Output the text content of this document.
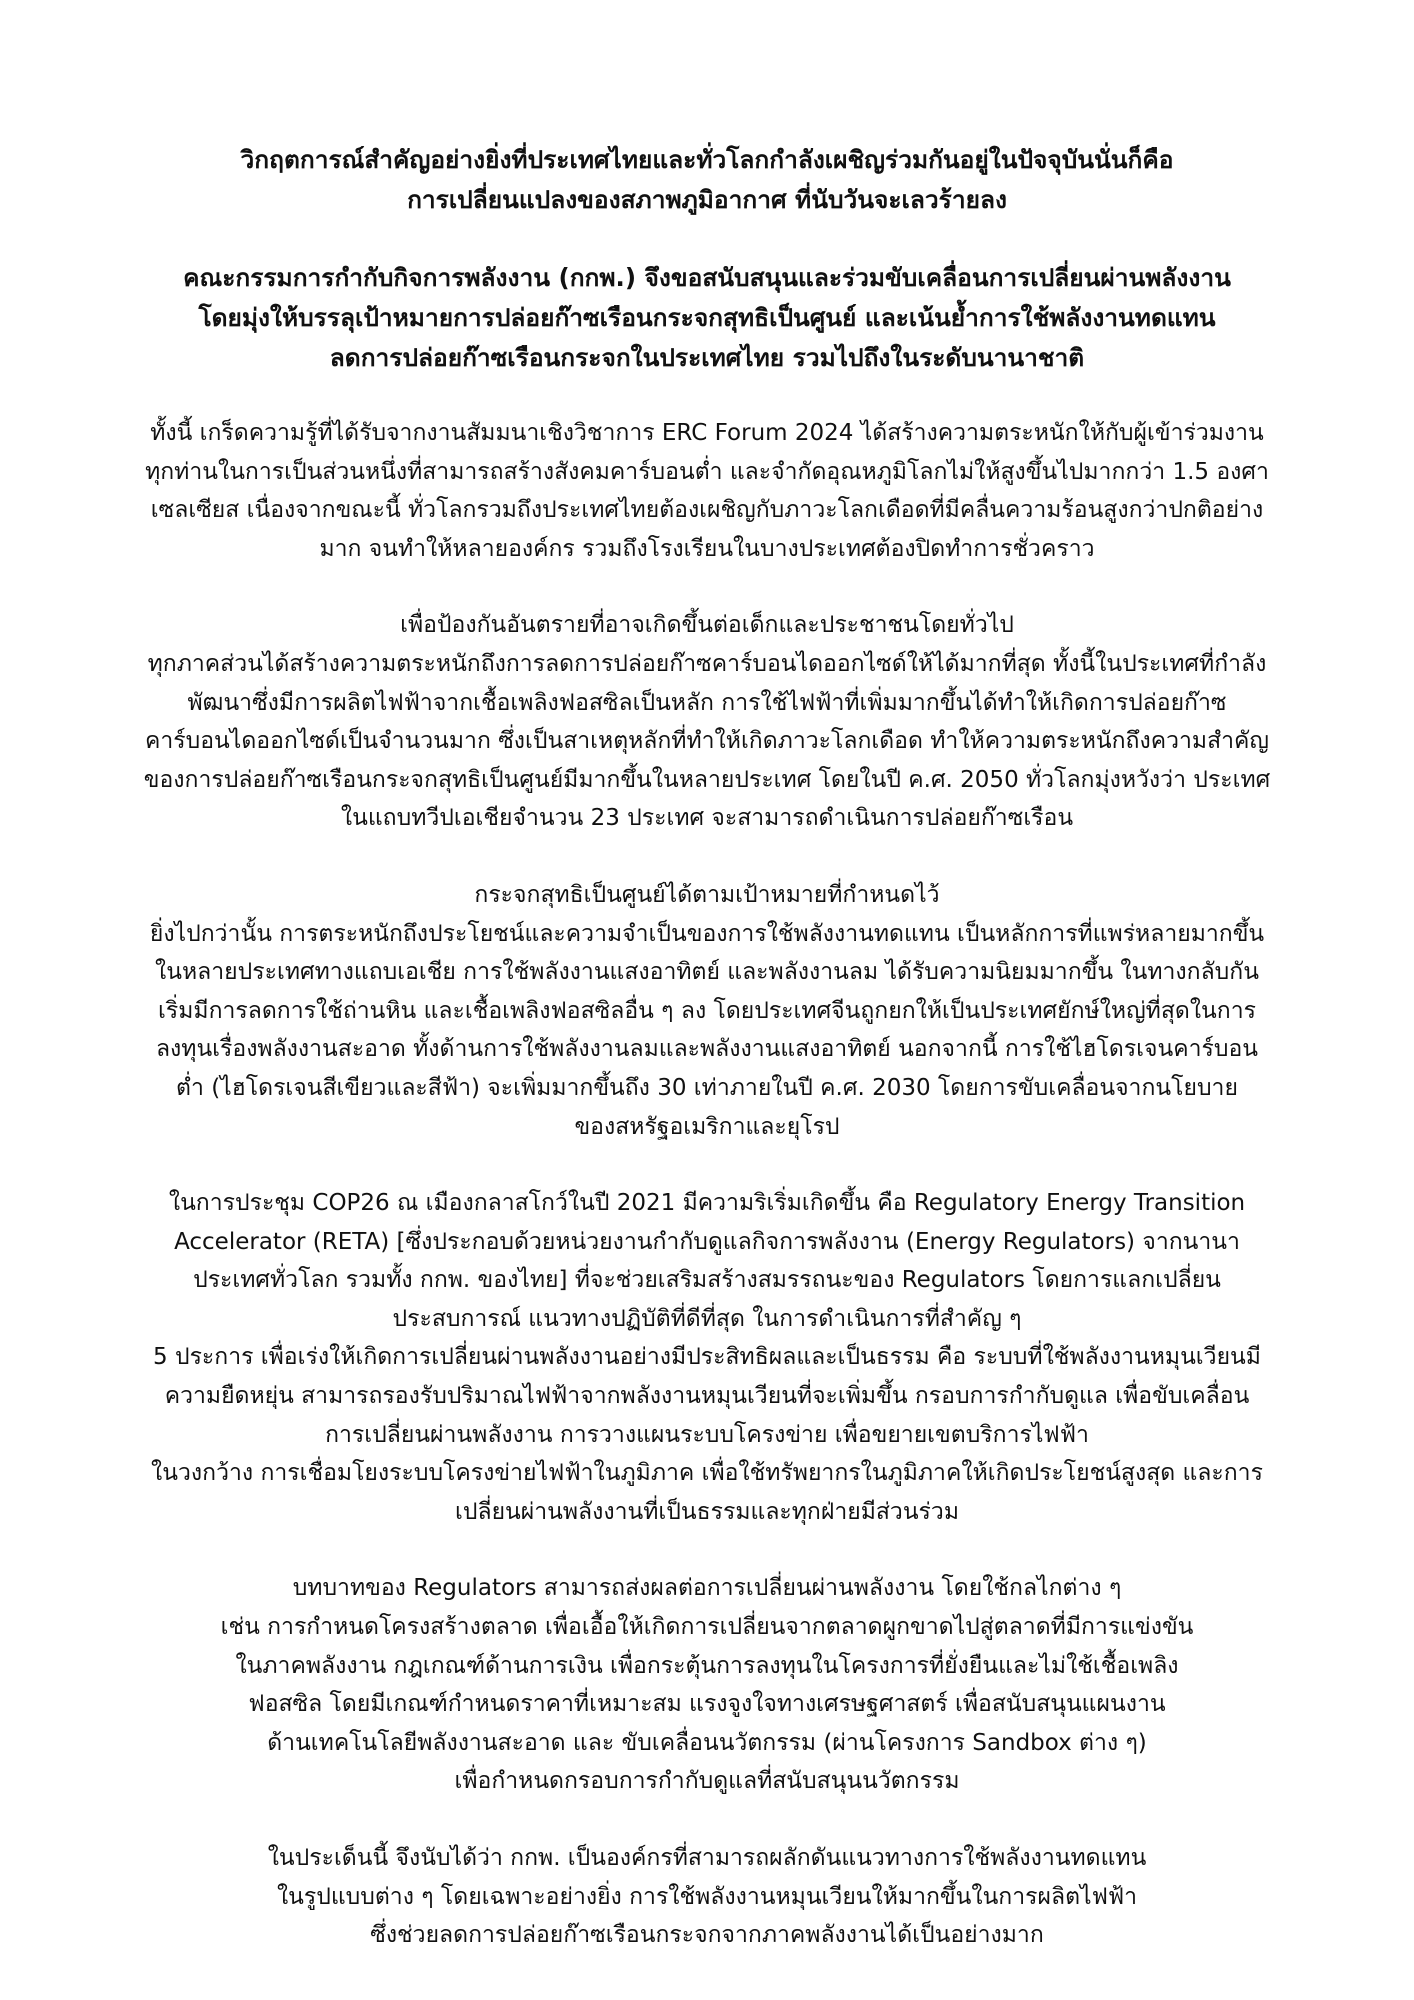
วิกฤตการณ์สำคัญอย่างยิ่งที่ประเทศไทยและทั่วโลกกำลังเผชิญร่วมกันอยู่ในปัจจุบันนั่นก็คือ
การเปลี่ยนแปลงของสภาพภูมิอากาศ ที่นับวันจะเลวร้ายลง
คณะกรรมการกำกับกิจการพลังงาน (กกพ.) จึงขอสนับสนุนและร่วมขับเคลื่อนการเปลี่ยนผ่านพลังงาน
โดยมุ่งให้บรรลุเป้าหมายการปล่อยก๊าซเรือนกระจกสุทธิเป็นศูนย์ และเน้นย้ำการใช้พลังงานทดแทน
ลดการปล่อยก๊าซเรือนกระจกในประเทศไทย รวมไปถึงในระดับนานาชาติ
ทั้งนี้ เกร็ดความรู้ที่ได้รับจากงานสัมมนาเชิงวิชาการ ERC Forum 2024 ได้สร้างความตระหนักให้กับผู้เข้าร่วมงาน
ทุกท่านในการเป็นส่วนหนึ่งที่สามารถสร้างสังคมคาร์บอนต่ำ และจำกัดอุณหภูมิโลกไม่ให้สูงขึ้นไปมากกว่า 1.5 องศา
เซลเซียส เนื่องจากขณะนี้ ทั่วโลกรวมถึงประเทศไทยต้องเผชิญกับภาวะโลกเดือดที่มีคลื่นความร้อนสูงกว่าปกติอย่าง
มาก จนทำให้หลายองค์กร รวมถึงโรงเรียนในบางประเทศต้องปิดทำการชั่วคราว
เพื่อป้องกันอันตรายที่อาจเกิดขึ้นต่อเด็กและประชาชนโดยทั่วไป
ทุกภาคส่วนได้สร้างความตระหนักถึงการลดการปล่อยก๊าซคาร์บอนไดออกไซด์ให้ได้มากที่สุด ทั้งนี้ในประเทศที่กำลัง
พัฒนาซึ่งมีการผลิตไฟฟ้าจากเชื้อเพลิงฟอสซิลเป็นหลัก การใช้ไฟฟ้าที่เพิ่มมากขึ้นได้ทำให้เกิดการปล่อยก๊าซ
คาร์บอนไดออกไซด์เป็นจำนวนมาก ซึ่งเป็นสาเหตุหลักที่ทำให้เกิดภาวะโลกเดือด ทำให้ความตระหนักถึงความสำคัญ
ของการปล่อยก๊าซเรือนกระจกสุทธิเป็นศูนย์มีมากขึ้นในหลายประเทศ โดยในปี ค.ศ. 2050 ทั่วโลกมุ่งหวังว่า ประเทศ
ในแถบทวีปเอเชียจำนวน 23 ประเทศ จะสามารถดำเนินการปล่อยก๊าซเรือน
กระจกสุทธิเป็นศูนย์ได้ตามเป้าหมายที่กำหนดไว้
ยิ่งไปกว่านั้น การตระหนักถึงประโยชน์และความจำเป็นของการใช้พลังงานทดแทน เป็นหลักการที่แพร่หลายมากขึ้น
ในหลายประเทศทางแถบเอเชีย การใช้พลังงานแสงอาทิตย์ และพลังงานลม ได้รับความนิยมมากขึ้น ในทางกลับกัน
เริ่มมีการลดการใช้ถ่านหิน และเชื้อเพลิงฟอสซิลอื่น ๆ ลง โดยประเทศจีนถูกยกให้เป็นประเทศยักษ์ใหญ่ที่สุดในการ
ลงทุนเรื่องพลังงานสะอาด ทั้งด้านการใช้พลังงานลมและพลังงานแสงอาทิตย์ นอกจากนี้ การใช้ไฮโดรเจนคาร์บอน
ต่ำ (ไฮโดรเจนสีเขียวและสีฟ้า) จะเพิ่มมากขึ้นถึง 30 เท่าภายในปี ค.ศ. 2030 โดยการขับเคลื่อนจากนโยบาย
ของสหรัฐอเมริกาและยุโรป
ในการประชุม COP26 ณ เมืองกลาสโกว์ในปี 2021 มีความริเริ่มเกิดขึ้น คือ Regulatory Energy Transition
Accelerator (RETA) [ซึ่งประกอบด้วยหน่วยงานกำกับดูแลกิจการพลังงาน (Energy Regulators) จากนานา
ประเทศทั่วโลก รวมทั้ง กกพ. ของไทย] ที่จะช่วยเสริมสร้างสมรรถนะของ Regulators โดยการแลกเปลี่ยน
ประสบการณ์ แนวทางปฏิบัติที่ดีที่สุด ในการดำเนินการที่สำคัญ ๆ
5 ประการ เพื่อเร่งให้เกิดการเปลี่ยนผ่านพลังงานอย่างมีประสิทธิผลและเป็นธรรม คือ ระบบที่ใช้พลังงานหมุนเวียนมี
ความยืดหยุ่น สามารถรองรับปริมาณไฟฟ้าจากพลังงานหมุนเวียนที่จะเพิ่มขึ้น กรอบการกำกับดูแล เพื่อขับเคลื่อน
การเปลี่ยนผ่านพลังงาน การวางแผนระบบโครงข่าย เพื่อขยายเขตบริการไฟฟ้า
ในวงกว้าง การเชื่อมโยงระบบโครงข่ายไฟฟ้าในภูมิภาค เพื่อใช้ทรัพยากรในภูมิภาคให้เกิดประโยชน์สูงสุด และการ
เปลี่ยนผ่านพลังงานที่เป็นธรรมและทุกฝ่ายมีส่วนร่วม
บทบาทของ Regulators สามารถส่งผลต่อการเปลี่ยนผ่านพลังงาน โดยใช้กลไกต่าง ๆ
เช่น การกำหนดโครงสร้างตลาด เพื่อเอื้อให้เกิดการเปลี่ยนจากตลาดผูกขาดไปสู่ตลาดที่มีการแข่งขัน
ในภาคพลังงาน กฎเกณฑ์ด้านการเงิน เพื่อกระตุ้นการลงทุนในโครงการที่ยั่งยืนและไม่ใช้เชื้อเพลิง
ฟอสซิล โดยมีเกณฑ์กำหนดราคาที่เหมาะสม แรงจูงใจทางเศรษฐศาสตร์ เพื่อสนับสนุนแผนงาน
ด้านเทคโนโลยีพลังงานสะอาด และ ขับเคลื่อนนวัตกรรม (ผ่านโครงการ Sandbox ต่าง ๆ)
เพื่อกำหนดกรอบการกำกับดูแลที่สนับสนุนนวัตกรรม
ในประเด็นนี้ จึงนับได้ว่า กกพ. เป็นองค์กรที่สามารถผลักดันแนวทางการใช้พลังงานทดแทน
ในรูปแบบต่าง ๆ โดยเฉพาะอย่างยิ่ง การใช้พลังงานหมุนเวียนให้มากขึ้นในการผลิตไฟฟ้า
ซึ่งช่วยลดการปล่อยก๊าซเรือนกระจกจากภาคพลังงานได้เป็นอย่างมาก
